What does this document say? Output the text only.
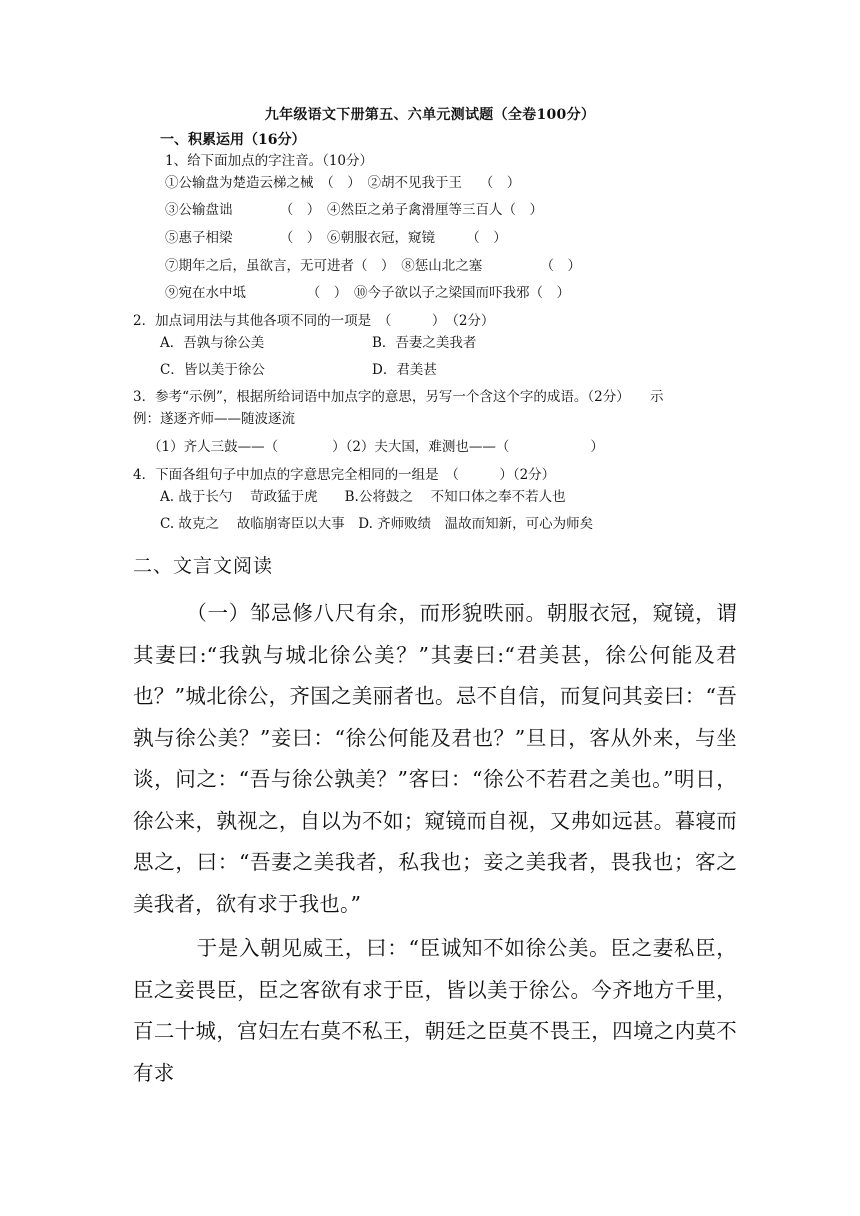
九年级语文下册第五、六单元测试题（全卷100分）
一、积累运用（16分）
1、给下面加点的字注音。（10分）
①公输盘为楚造云梯之械　（　）　②胡不见我于王　 （　）
③公输盘诎　　　　（　）　④然臣之弟子禽滑厘等三百人（　）
⑤惠子相梁　　　　（　）　⑥朝服衣冠，窥镜　　 （　）
⑦期年之后，虽欲言，无可进者（　）　⑧惩山北之塞　　　　 （　）
⑨宛在水中坻　　　　　（　）　⑩今子欲以子之梁国而吓我邪（　）
2．加点词用法与其他各项不同的一项是　（　　　）　（2分）
A．吾孰与徐公美	B．吾妻之美我者
C．皆以美于徐公	D．君美甚
3．参考“示例”，根据所给词语中加点字的意思，另写一个含这个字的成语。（2分）　　示
例：遂逐齐师——随波逐流
（1）齐人三鼓——（　　　　）（2）夫大国，难测也——（　　　　　　）
4．下面各组句子中加点的字意思完全相同的一组是　（　　　）（2分）
A. 战于长勺　 苛政猛于虎　　B.公将鼓之　 不知口体之奉不若人也
C. 故克之　 故临崩寄臣以大事　D. 齐师败绩　温故而知新，可心为师矣
二、文言文阅读
　　　（一）邹忌修八尺有余，而形貌昳丽。朝服衣冠，窥镜，谓其妻曰:“我孰与城北徐公美？”其妻曰:“君美甚，徐公何能及君也？”城北徐公，齐国之美丽者也。忌不自信，而复问其妾曰：“吾孰与徐公美？”妾曰：“徐公何能及君也？”旦日，客从外来，与坐谈，问之：“吾与徐公孰美？”客曰：“徐公不若君之美也。”明日，徐公来，孰视之，自以为不如；窥镜而自视，又弗如远甚。暮寝而思之，曰：“吾妻之美我者，私我也；妾之美我者，畏我也；客之美我者，欲有求于我也。”
　　　于是入朝见威王，曰：“臣诚知不如徐公美。臣之妻私臣，臣之妾畏臣，臣之客欲有求于臣，皆以美于徐公。今齐地方千里，百二十城，宫妇左右莫不私王，朝廷之臣莫不畏王，四境之内莫不有求
